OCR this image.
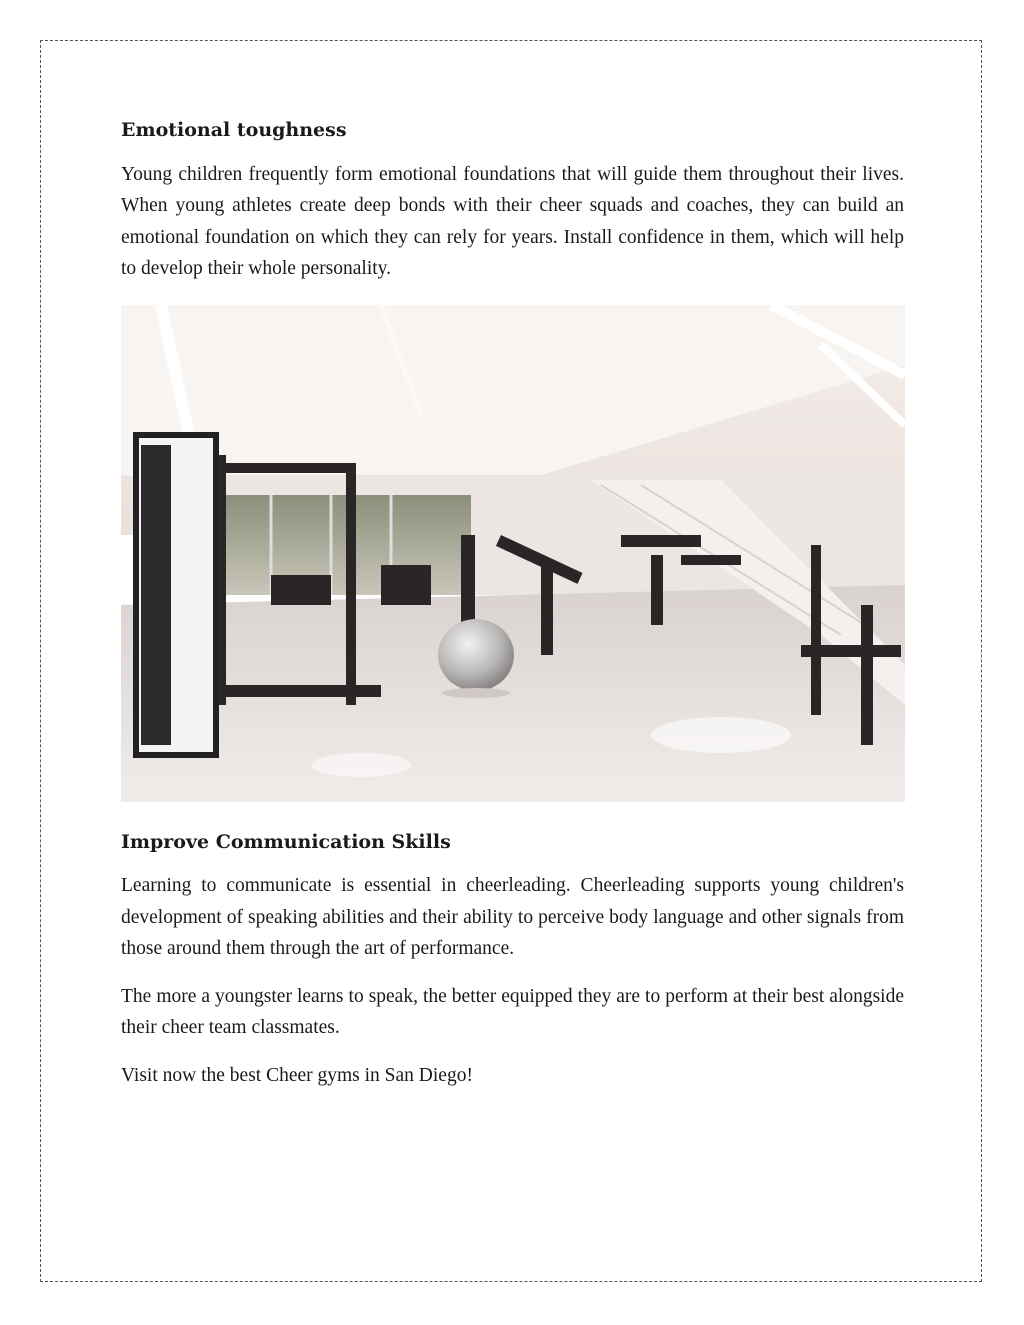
Emotional toughness

Young children frequently form emotional foundations that will guide them throughout their lives. When young athletes create deep bonds with their cheer squads and coaches, they can build an emotional foundation on which they can rely for years. Install confidence in them, which will help to develop their whole personality.

Improve Communication Skills

Learning to communicate is essential in cheerleading. Cheerleading supports young children's development of speaking abilities and their ability to perceive body language and other signals from those around them through the art of performance.

The more a youngster learns to speak, the better equipped they are to perform at their best alongside their cheer team classmates.

Visit now the best Cheer gyms in San Diego!
